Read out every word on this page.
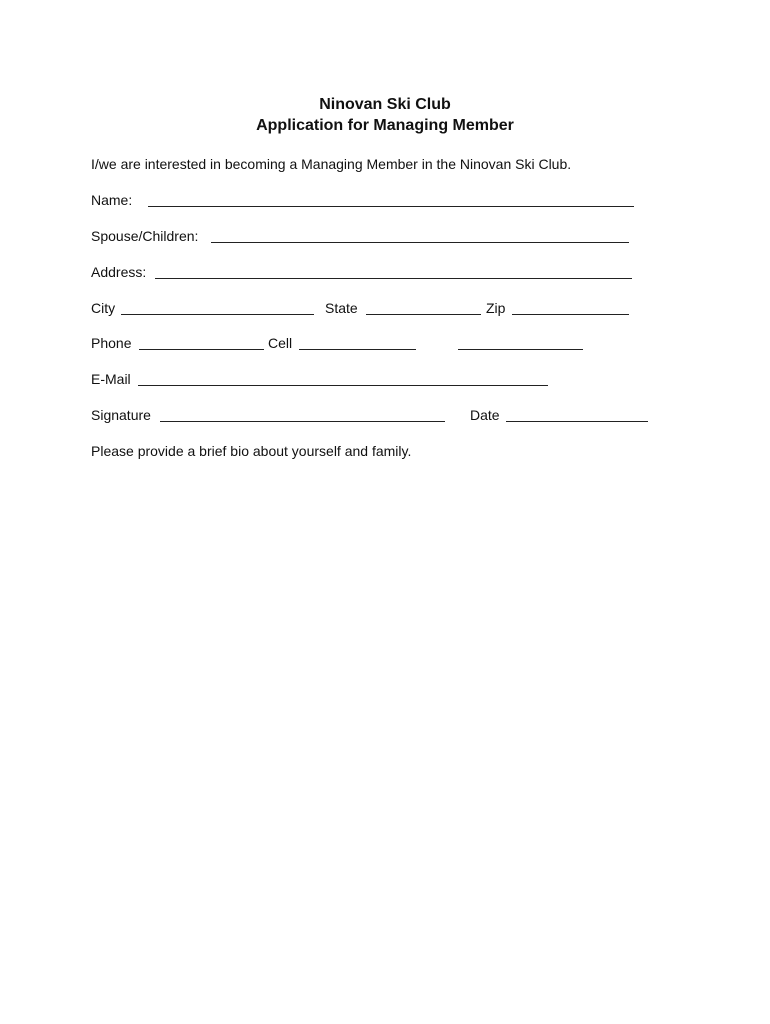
Ninovan Ski Club
Application for Managing Member
I/we are interested in becoming a Managing Member in the Ninovan Ski Club.
Name:
Spouse/Children:
Address:
City	State	Zip
Phone	Cell
E-Mail
Signature	Date
Please provide a brief bio about yourself and family.
